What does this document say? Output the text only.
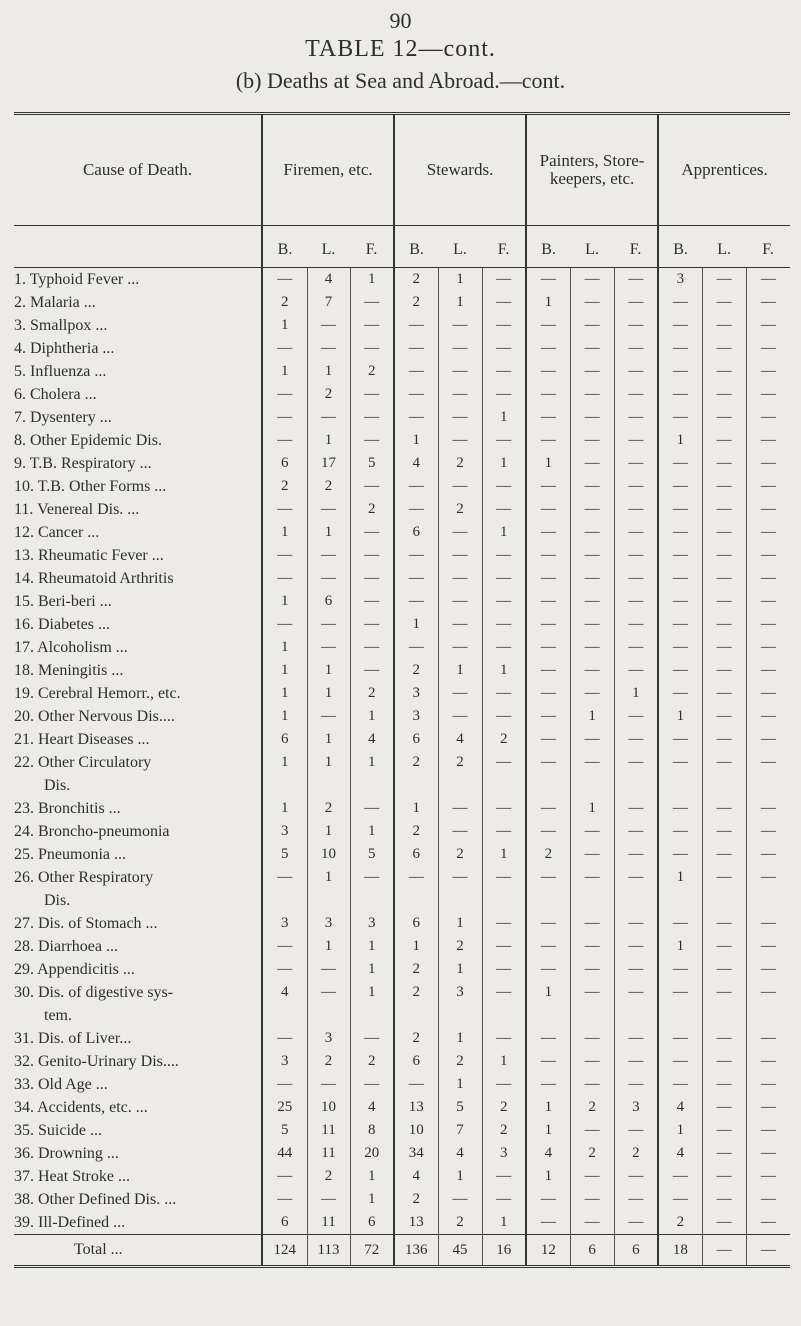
90
TABLE 12—cont.
(b) Deaths at Sea and Abroad.—cont.
Cause of Death.	Firemen, etc.			Stewards.			Painters, Store-keepers, etc.			Apprentices.		
	B.	L.	F.	B.	L.	F.	B.	L.	F.	B.	L.	F.
1. Typhoid Fever ...	—	4	1	2	1	—	—	—	—	3	—	—
2. Malaria ...	2	7	—	2	1	—	1	—	—	—	—	—
3. Smallpox ...	1	—	—	—	—	—	—	—	—	—	—	—
4. Diphtheria ...	—	—	—	—	—	—	—	—	—	—	—	—
5. Influenza ...	1	1	2	—	—	—	—	—	—	—	—	—
6. Cholera ...	—	2	—	—	—	—	—	—	—	—	—	—
7. Dysentery ...	—	—	—	—	—	1	—	—	—	—	—	—
8. Other Epidemic Dis.	—	1	—	1	—	—	—	—	—	1	—	—
9. T.B. Respiratory ...	6	17	5	4	2	1	1	—	—	—	—	—
10. T.B. Other Forms ...	2	2	—	—	—	—	—	—	—	—	—	—
11. Venereal Dis. ...	—	—	2	—	2	—	—	—	—	—	—	—
12. Cancer ...	1	1	—	6	—	1	—	—	—	—	—	—
13. Rheumatic Fever ...	—	—	—	—	—	—	—	—	—	—	—	—
14. Rheumatoid Arthritis	—	—	—	—	—	—	—	—	—	—	—	—
15. Beri-beri ...	1	6	—	—	—	—	—	—	—	—	—	—
16. Diabetes ...	—	—	—	1	—	—	—	—	—	—	—	—
17. Alcoholism ...	1	—	—	—	—	—	—	—	—	—	—	—
18. Meningitis ...	1	1	—	2	1	1	—	—	—	—	—	—
19. Cerebral Hemorr., etc.	1	1	2	3	—	—	—	—	1	—	—	—
20. Other Nervous Dis....	1	—	1	3	—	—	—	1	—	1	—	—
21. Heart Diseases ...	6	1	4	6	4	2	—	—	—	—	—	—
22. Other Circulatory	1	1	1	2	2	—	—	—	—	—	—	—
Dis.												
23. Bronchitis ...	1	2	—	1	—	—	—	1	—	—	—	—
24. Broncho-pneumonia	3	1	1	2	—	—	—	—	—	—	—	—
25. Pneumonia ...	5	10	5	6	2	1	2	—	—	—	—	—
26. Other Respiratory	—	1	—	—	—	—	—	—	—	1	—	—
Dis.												
27. Dis. of Stomach ...	3	3	3	6	1	—	—	—	—	—	—	—
28. Diarrhoea ...	—	1	1	1	2	—	—	—	—	1	—	—
29. Appendicitis ...	—	—	1	2	1	—	—	—	—	—	—	—
30. Dis. of digestive sys-	4	—	1	2	3	—	1	—	—	—	—	—
tem.												
31. Dis. of Liver...	—	3	—	2	1	—	—	—	—	—	—	—
32. Genito-Urinary Dis....	3	2	2	6	2	1	—	—	—	—	—	—
33. Old Age ...	—	—	—	—	1	—	—	—	—	—	—	—
34. Accidents, etc. ...	25	10	4	13	5	2	1	2	3	4	—	—
35. Suicide ...	5	11	8	10	7	2	1	—	—	1	—	—
36. Drowning ...	44	11	20	34	4	3	4	2	2	4	—	—
37. Heat Stroke ...	—	2	1	4	1	—	1	—	—	—	—	—
38. Other Defined Dis. ...	—	—	1	2	—	—	—	—	—	—	—	—
39. Ill-Defined ...	6	11	6	13	2	1	—	—	—	2	—	—
Total ...	124	113	72	136	45	16	12	6	6	18	—	—
